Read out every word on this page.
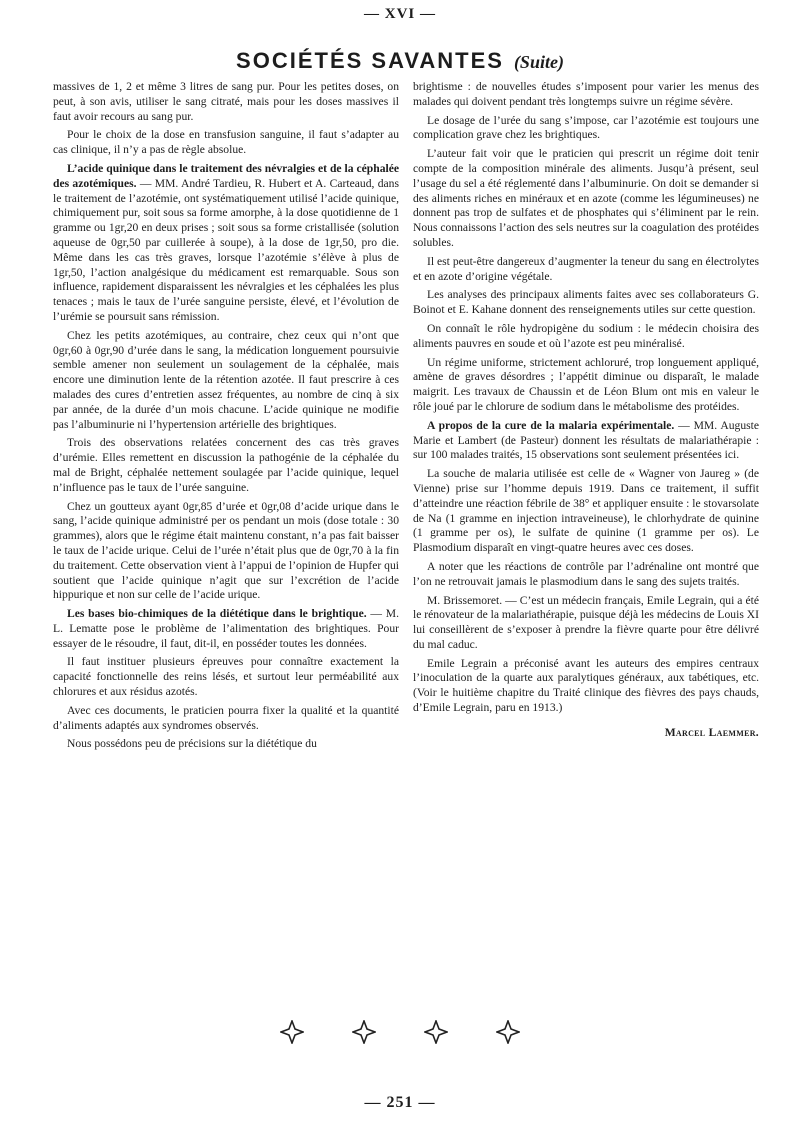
— XVI —
SOCIÉTÉS SAVANTES (Suite)

massives de 1, 2 et même 3 litres de sang pur. Pour les petites doses, on peut, à son avis, utiliser le sang citraté, mais pour les doses massives il faut avoir recours au sang pur.

Pour le choix de la dose en transfusion sanguine, il faut s’adapter au cas clinique, il n’y a pas de règle absolue.

L’acide quinique dans le traitement des névralgies et de la céphalée des azotémiques. — MM. André Tardieu, R. Hubert et A. Carteaud, dans le traitement de l’azotémie, ont systématiquement utilisé l’acide quinique, chimiquement pur, soit sous sa forme amorphe, à la dose quotidienne de 1 gramme ou 1gr,20 en deux prises ; soit sous sa forme cristallisée (solution aqueuse de 0gr,50 par cuillerée à soupe), à la dose de 1gr,50, pro die. Même dans les cas très graves, lorsque l’azotémie s’élève à plus de 1gr,50, l’action analgésique du médicament est remarquable. Sous son influence, rapidement disparaissent les névralgies et les céphalées les plus tenaces ; mais le taux de l’urée sanguine persiste, élevé, et l’évolution de l’urémie se poursuit sans rémission.

Chez les petits azotémiques, au contraire, chez ceux qui n’ont que 0gr,60 à 0gr,90 d’urée dans le sang, la médication longuement poursuivie semble amener non seulement un soulagement de la céphalée, mais encore une diminution lente de la rétention azotée. Il faut prescrire à ces malades des cures d’entretien assez fréquentes, au nombre de cinq à six par année, de la durée d’un mois chacune. L’acide quinique ne modifie pas l’albuminurie ni l’hypertension artérielle des brightiques.

Trois des observations relatées concernent des cas très graves d’urémie. Elles remettent en discussion la pathogénie de la céphalée du mal de Bright, céphalée nettement soulagée par l’acide quinique, lequel n’influence pas le taux de l’urée sanguine.

Chez un goutteux ayant 0gr,85 d’urée et 0gr,08 d’acide urique dans le sang, l’acide quinique administré per os pendant un mois (dose totale : 30 grammes), alors que le régime était maintenu constant, n’a pas fait baisser le taux de l’acide urique. Celui de l’urée n’était plus que de 0gr,70 à la fin du traitement. Cette observation vient à l’appui de l’opinion de Hupfer qui soutient que l’acide quinique n’agit que sur l’excrétion de l’acide hippurique et non sur celle de l’acide urique.

Les bases bio-chimiques de la diététique dans le brightique. — M. L. Lematte pose le problème de l’alimentation des brightiques. Pour essayer de le résoudre, il faut, dit-il, en posséder toutes les données.

Il faut instituer plusieurs épreuves pour connaître exactement la capacité fonctionnelle des reins lésés, et surtout leur perméabilité aux chlorures et aux résidus azotés.

Avec ces documents, le praticien pourra fixer la qualité et la quantité d’aliments adaptés aux syndromes observés.

Nous possédons peu de précisions sur la diététique du

brightisme : de nouvelles études s’imposent pour varier les menus des malades qui doivent pendant très longtemps suivre un régime sévère.

Le dosage de l’urée du sang s’impose, car l’azotémie est toujours une complication grave chez les brightiques.

L’auteur fait voir que le praticien qui prescrit un régime doit tenir compte de la composition minérale des aliments. Jusqu’à présent, seul l’usage du sel a été réglementé dans l’albuminurie. On doit se demander si des aliments riches en minéraux et en azote (comme les légumineuses) ne donnent pas trop de sulfates et de phosphates qui s’éliminent par le rein. Nous connaissons l’action des sels neutres sur la coagulation des protéides solubles.

Il est peut-être dangereux d’augmenter la teneur du sang en électrolytes et en azote d’origine végétale.

Les analyses des principaux aliments faites avec ses collaborateurs G. Boinot et E. Kahane donnent des renseignements utiles sur cette question.

On connaît le rôle hydropigène du sodium : le médecin choisira des aliments pauvres en soude et où l’azote est peu minéralisé.

Un régime uniforme, strictement achloruré, trop longuement appliqué, amène de graves désordres ; l’appétit diminue ou disparaît, le malade maigrit. Les travaux de Chaussin et de Léon Blum ont mis en valeur le rôle joué par le chlorure de sodium dans le métabolisme des protéides.

A propos de la cure de la malaria expérimentale. — MM. Auguste Marie et Lambert (de Pasteur) donnent les résultats de malariathérapie : sur 100 malades traités, 15 observations sont seulement présentées ici.

La souche de malaria utilisée est celle de « Wagner von Jaureg » (de Vienne) prise sur l’homme depuis 1919. Dans ce traitement, il suffit d’atteindre une réaction fébrile de 38° et appliquer ensuite : le stovarsolate de Na (1 gramme en injection intraveineuse), le chlorhydrate de quinine (1 gramme per os), le sulfate de quinine (1 gramme per os). Le Plasmodium disparaît en vingt-quatre heures avec ces doses.

A noter que les réactions de contrôle par l’adrénaline ont montré que l’on ne retrouvait jamais le plasmodium dans le sang des sujets traités.

M. Brissemoret. — C’est un médecin français, Emile Legrain, qui a été le rénovateur de la malariathérapie, puisque déjà les médecins de Louis XI lui conseillèrent de s’exposer à prendre la fièvre quarte pour être délivré du mal caduc.

Emile Legrain a préconisé avant les auteurs des empires centraux l’inoculation de la quarte aux paralytiques généraux, aux tabétiques, etc. (Voir le huitième chapitre du Traité clinique des fièvres des pays chauds, d’Emile Legrain, paru en 1913.)

Marcel Laemmer.

— 251 —
